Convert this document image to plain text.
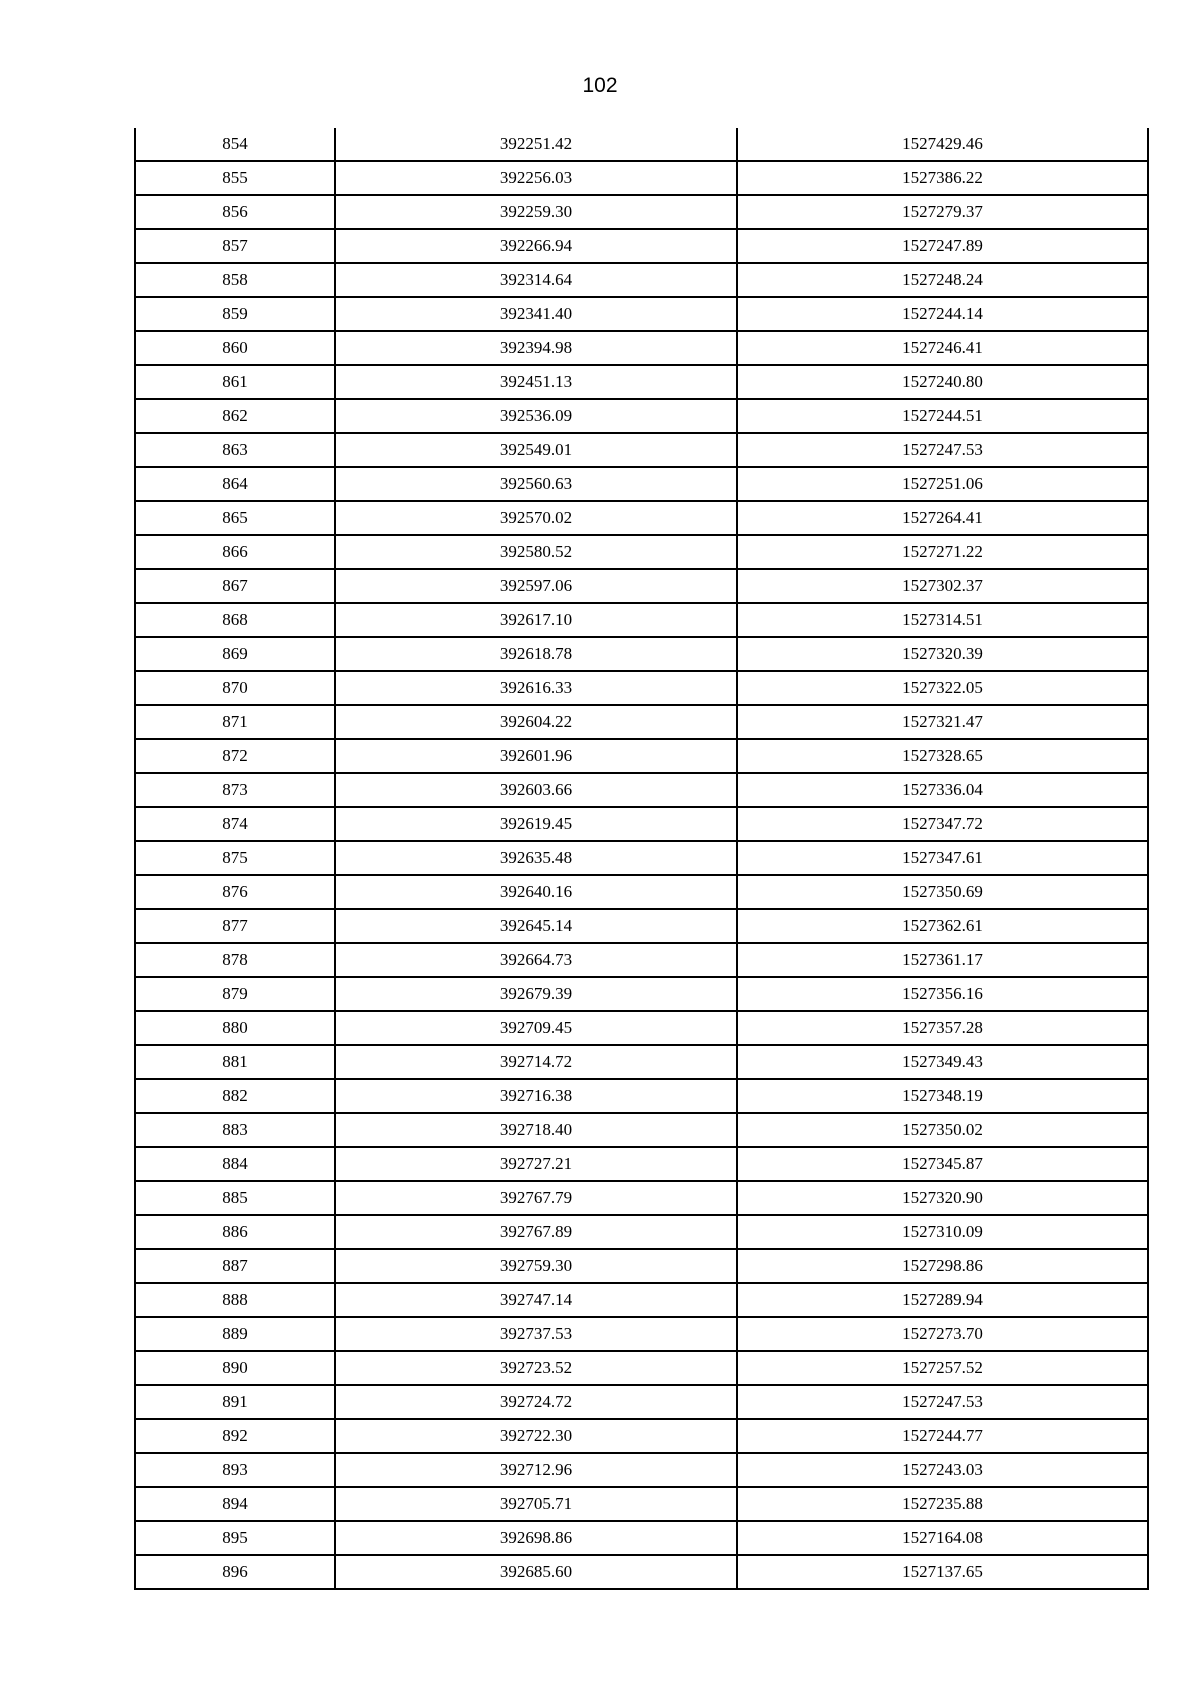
102
854	392251.42	1527429.46
855	392256.03	1527386.22
856	392259.30	1527279.37
857	392266.94	1527247.89
858	392314.64	1527248.24
859	392341.40	1527244.14
860	392394.98	1527246.41
861	392451.13	1527240.80
862	392536.09	1527244.51
863	392549.01	1527247.53
864	392560.63	1527251.06
865	392570.02	1527264.41
866	392580.52	1527271.22
867	392597.06	1527302.37
868	392617.10	1527314.51
869	392618.78	1527320.39
870	392616.33	1527322.05
871	392604.22	1527321.47
872	392601.96	1527328.65
873	392603.66	1527336.04
874	392619.45	1527347.72
875	392635.48	1527347.61
876	392640.16	1527350.69
877	392645.14	1527362.61
878	392664.73	1527361.17
879	392679.39	1527356.16
880	392709.45	1527357.28
881	392714.72	1527349.43
882	392716.38	1527348.19
883	392718.40	1527350.02
884	392727.21	1527345.87
885	392767.79	1527320.90
886	392767.89	1527310.09
887	392759.30	1527298.86
888	392747.14	1527289.94
889	392737.53	1527273.70
890	392723.52	1527257.52
891	392724.72	1527247.53
892	392722.30	1527244.77
893	392712.96	1527243.03
894	392705.71	1527235.88
895	392698.86	1527164.08
896	392685.60	1527137.65
